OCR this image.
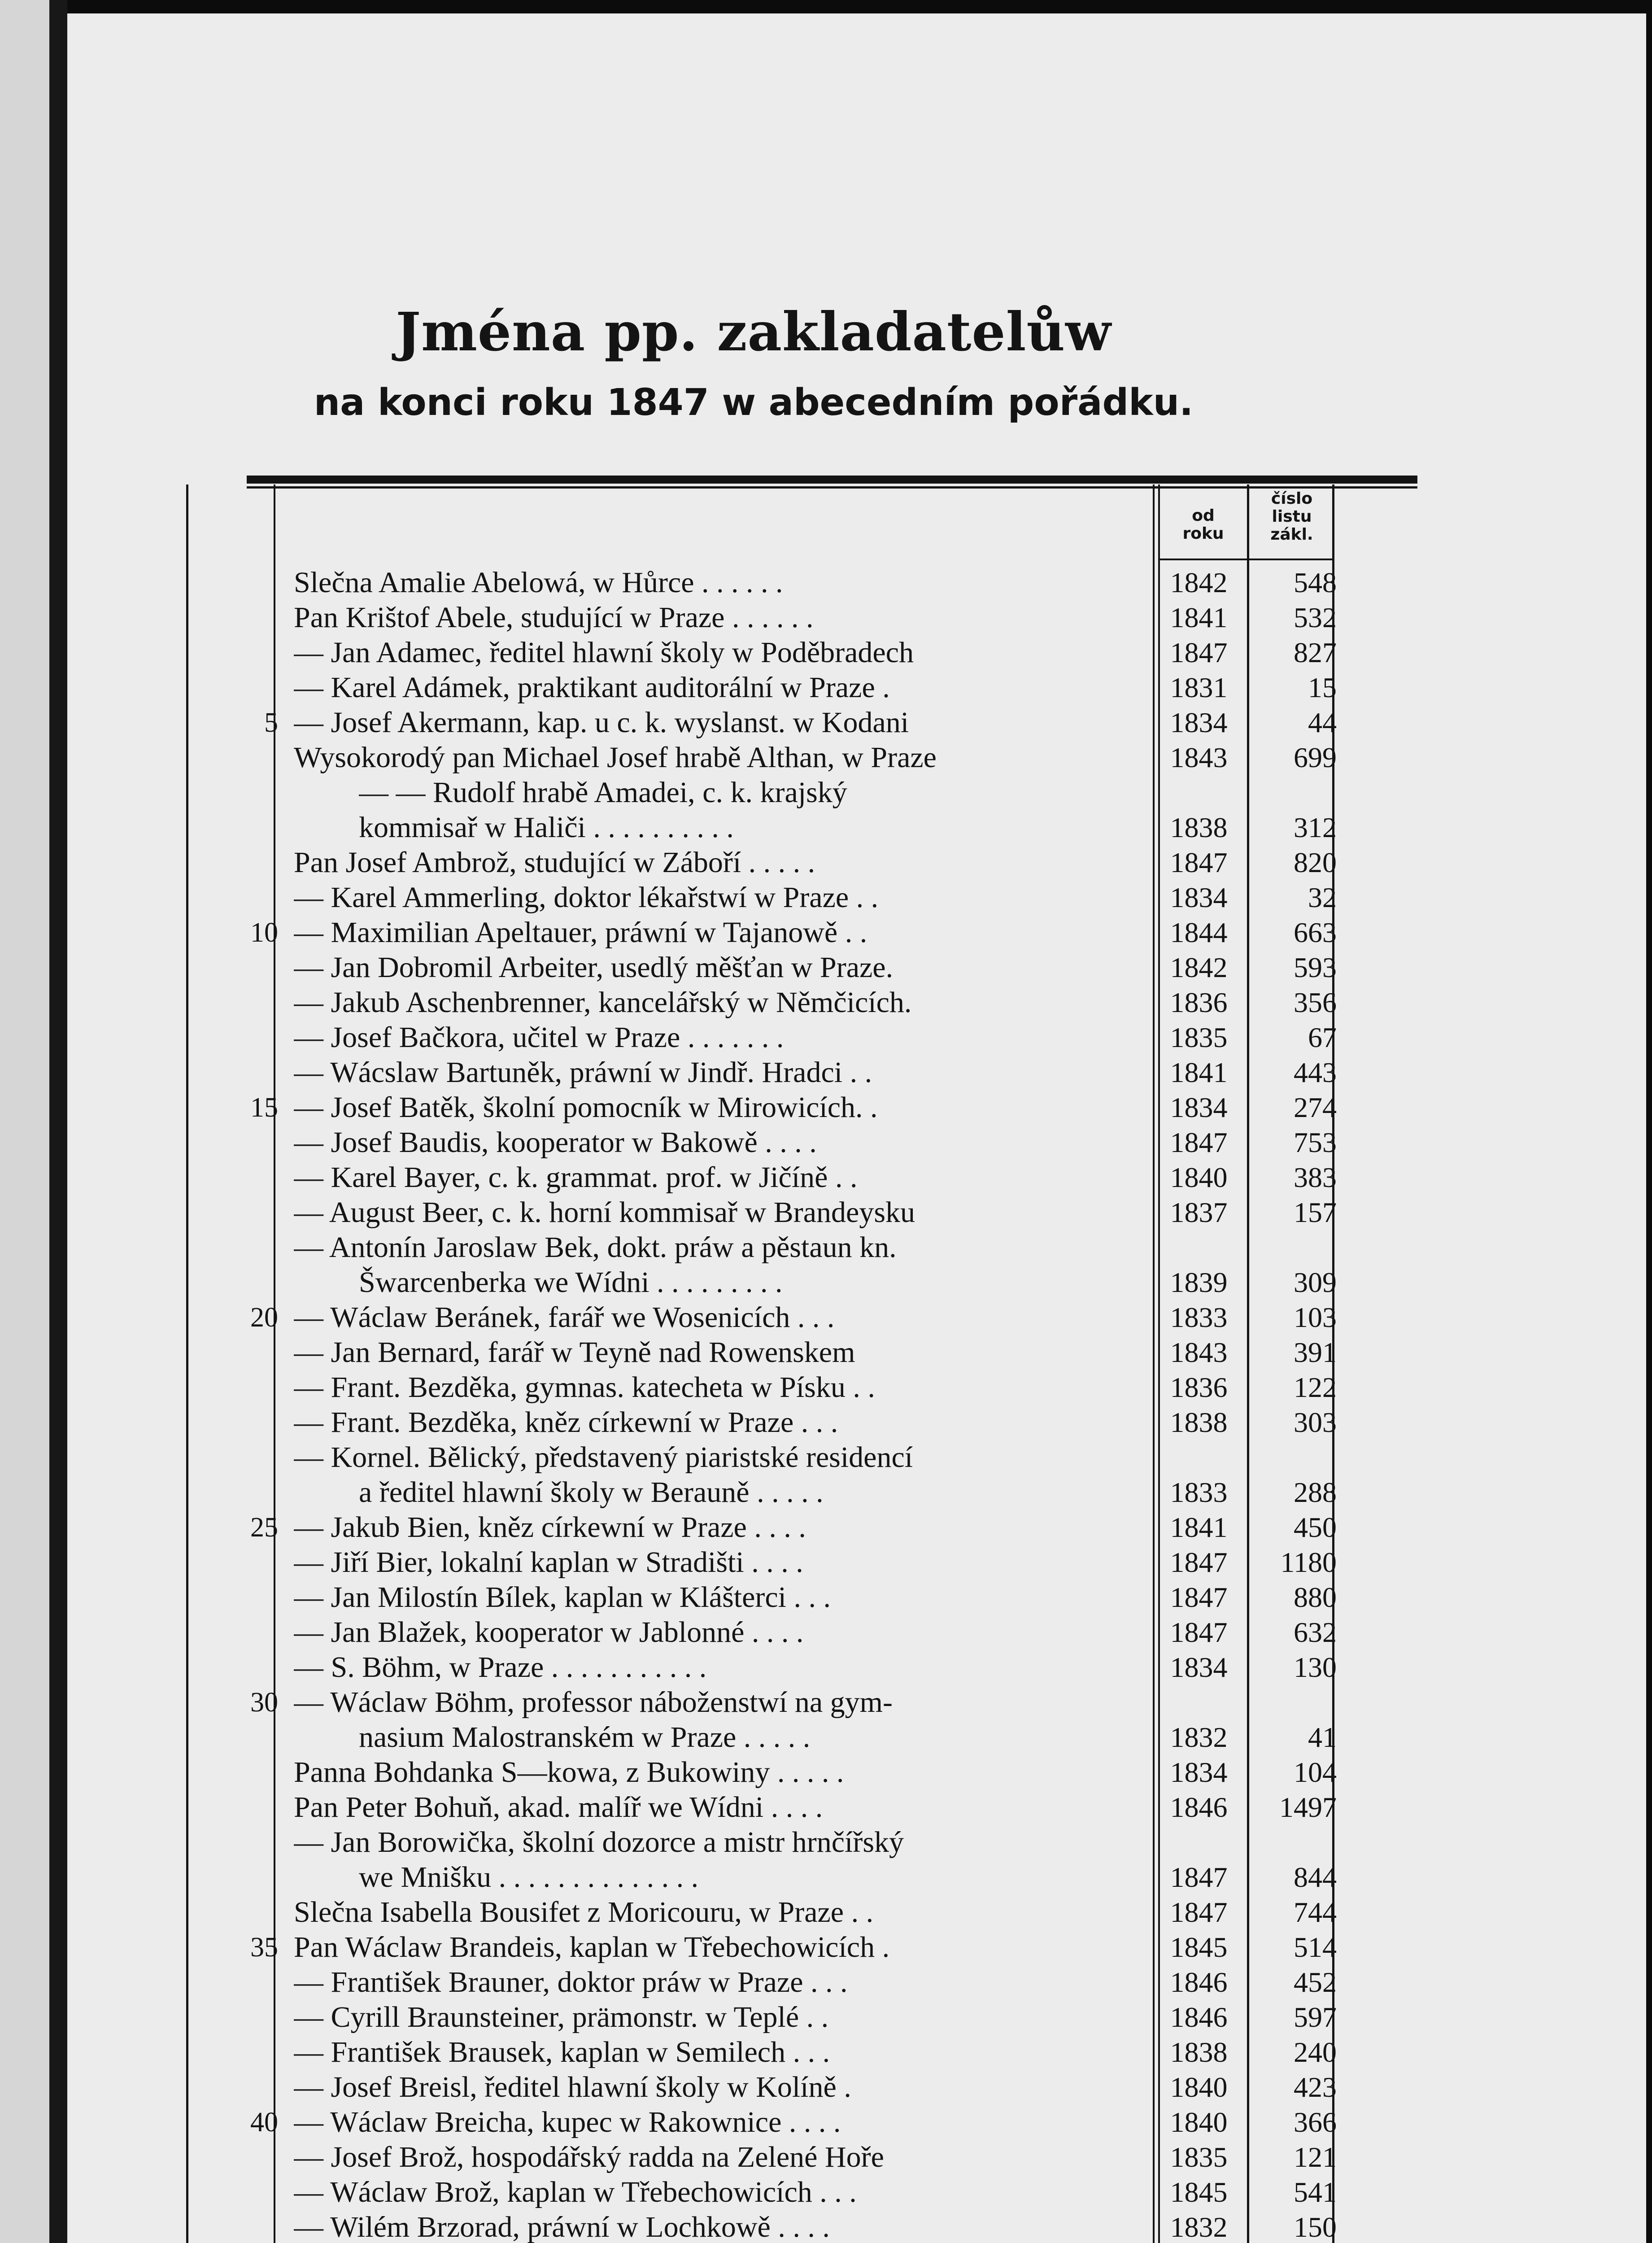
Jména pp. zakladatelůw
na konci roku 1847 w abecedním pořádku.
od
roku
číslo
listu
zákl.
Slečna Amalie Abelowá, w Hůrce . . . . . .	1842	548
Pan Krištof Abele, studující w Praze . . . . . .	1841	532
— Jan Adamec, ředitel hlawní školy w Poděbradech	1847	827
— Karel Adámek, praktikant auditorální w Praze .	1831	15
5 — Josef Akermann, kap. u c. k. wyslanst. w Kodani	1834	44
Wysokorodý pan Michael Josef hrabě Althan, w Praze	1843	699
— — Rudolf hrabě Amadei, c. k. krajský
kommisař w Haliči . . . . . . . . . .	1838	312
Pan Josef Ambrož, studující w Záboří . . . . .	1847	820
— Karel Ammerling, doktor lékařstwí w Praze . .	1834	32
10 — Maximilian Apeltauer, práwní w Tajanowě . .	1844	663
— Jan Dobromil Arbeiter, usedlý měšťan w Praze.	1842	593
— Jakub Aschenbrenner, kancelářský w Němčicích.	1836	356
— Josef Bačkora, učitel w Praze . . . . . . .	1835	67
— Wácslaw Bartuněk, práwní w Jindř. Hradci . .	1841	443
15 — Josef Batěk, školní pomocník w Mirowicích. .	1834	274
— Josef Baudis, kooperator w Bakowě . . . .	1847	753
— Karel Bayer, c. k. grammat. prof. w Jičíně . .	1840	383
— August Beer, c. k. horní kommisař w Brandeysku	1837	157
— Antonín Jaroslaw Bek, dokt. práw a pěstaun kn.
Šwarcenberka we Wídni . . . . . . . . .	1839	309
20 — Wáclaw Beránek, farář we Wosenicích . . .	1833	103
— Jan Bernard, farář w Teyně nad Rowenskem	1843	391
— Frant. Bezděka, gymnas. katecheta w Písku . .	1836	122
— Frant. Bezděka, kněz církewní w Praze . . .	1838	303
— Kornel. Bělický, představený piaristské residencí
a ředitel hlawní školy w Berauně . . . . .	1833	288
25 — Jakub Bien, kněz církewní w Praze . . . .	1841	450
— Jiří Bier, lokalní kaplan w Stradišti . . . .	1847	1180
— Jan Milostín Bílek, kaplan w Klášterci . . .	1847	880
— Jan Blažek, kooperator w Jablonné . . . .	1847	632
— S. Böhm, w Praze . . . . . . . . . . .	1834	130
30 — Wáclaw Böhm, professor náboženstwí na gym-
nasium Malostranském w Praze . . . . .	1832	41
Panna Bohdanka S—kowa, z Bukowiny . . . . .	1834	104
Pan Peter Bohuň, akad. malíř we Wídni . . . .	1846	1497
— Jan Borowička, školní dozorce a mistr hrnčířský
we Mnišku . . . . . . . . . . . . . .	1847	844
Slečna Isabella Bousifet z Moricouru, w Praze . .	1847	744
35 Pan Wáclaw Brandeis, kaplan w Třebechowicích .	1845	514
— František Brauner, doktor práw w Praze . . .	1846	452
— Cyrill Braunsteiner, prämonstr. w Teplé . .	1846	597
— František Brausek, kaplan w Semilech . . .	1838	240
— Josef Breisl, ředitel hlawní školy w Kolíně .	1840	423
40 — Wáclaw Breicha, kupec w Rakownice . . . .	1840	366
— Josef Brož, hospodářský radda na Zelené Hoře	1835	121
— Wáclaw Brož, kaplan w Třebechowicích . . .	1845	541
— Wilém Brzorad, práwní w Lochkowě . . . .	1832	150
